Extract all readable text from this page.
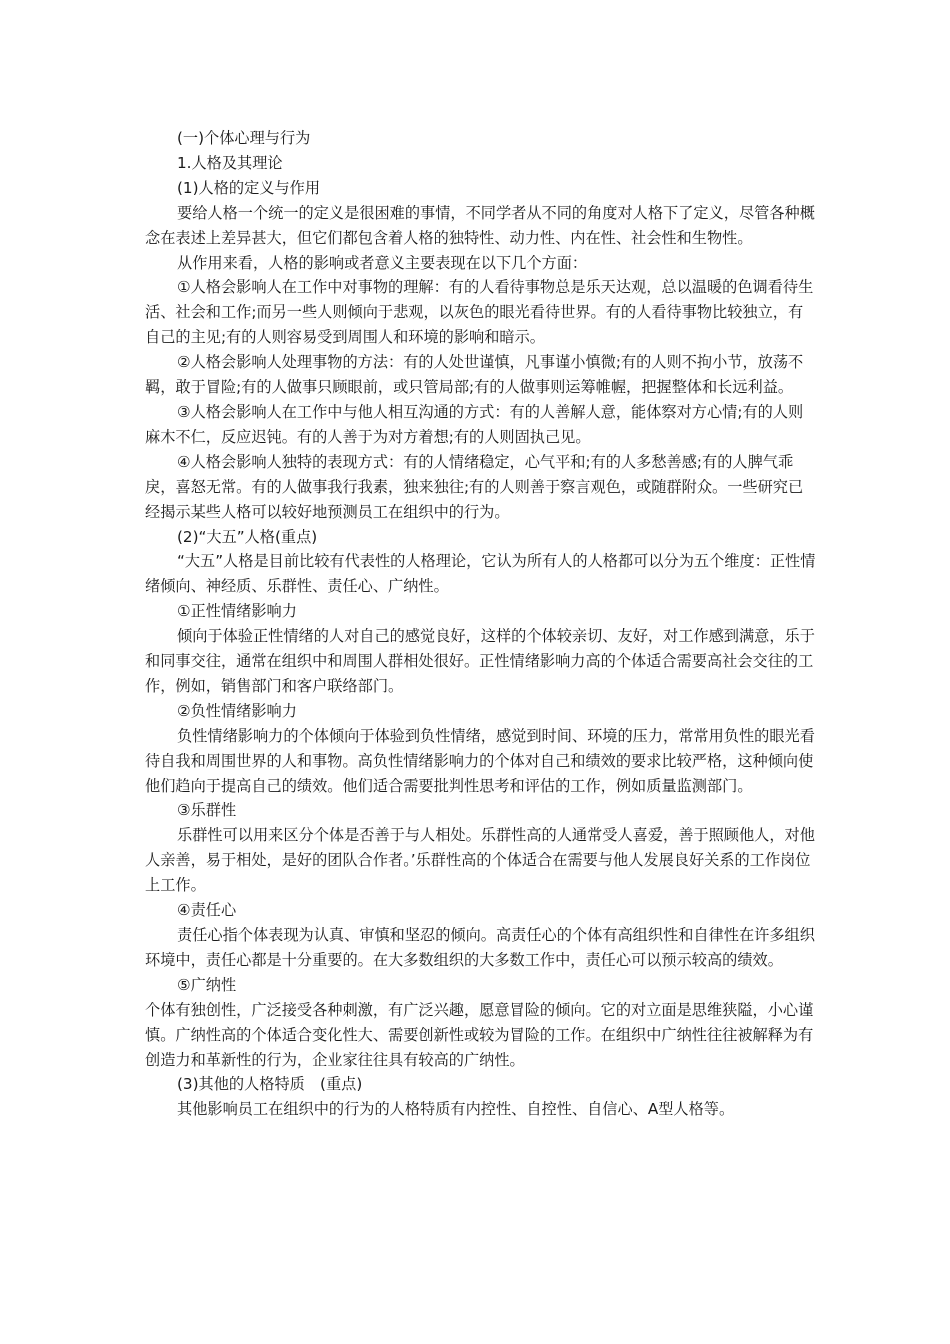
(一)个体心理与行为

1.人格及其理论

(1)人格的定义与作用

要给人格一个统一的定义是很困难的事情，不同学者从不同的角度对人格下了定义，尽管各种概念在表述上差异甚大，但它们都包含着人格的独特性、动力性、内在性、社会性和生物性。

从作用来看，人格的影响或者意义主要表现在以下几个方面：

①人格会影响人在工作中对事物的理解：有的人看待事物总是乐天达观，总以温暖的色调看待生活、社会和工作;而另一些人则倾向于悲观，以灰色的眼光看待世界。有的人看待事物比较独立，有自己的主见;有的人则容易受到周围人和环境的影响和暗示。

②人格会影响人处理事物的方法：有的人处世谨慎，凡事谨小慎微;有的人则不拘小节，放荡不羁，敢于冒险;有的人做事只顾眼前，或只管局部;有的人做事则运筹帷幄，把握整体和长远利益。

③人格会影响人在工作中与他人相互沟通的方式：有的人善解人意，能体察对方心情;有的人则麻木不仁，反应迟钝。有的人善于为对方着想;有的人则固执己见。

④人格会影响人独特的表现方式：有的人情绪稳定，心气平和;有的人多愁善感;有的人脾气乖戾，喜怒无常。有的人做事我行我素，独来独往;有的人则善于察言观色，或随群附众。一些研究已经揭示某些人格可以较好地预测员工在组织中的行为。

(2)“大五”人格(重点)

“大五”人格是目前比较有代表性的人格理论，它认为所有人的人格都可以分为五个维度：正性情绪倾向、神经质、乐群性、责任心、广纳性。

①正性情绪影响力

倾向于体验正性情绪的人对自己的感觉良好，这样的个体较亲切、友好，对工作感到满意，乐于和同事交往，通常在组织中和周围人群相处很好。正性情绪影响力高的个体适合需要高社会交往的工作，例如，销售部门和客户联络部门。

②负性情绪影响力

负性情绪影响力的个体倾向于体验到负性情绪，感觉到时间、环境的压力，常常用负性的眼光看待自我和周围世界的人和事物。高负性情绪影响力的个体对自己和绩效的要求比较严格，这种倾向使他们趋向于提高自己的绩效。他们适合需要批判性思考和评估的工作，例如质量监测部门。

③乐群性

乐群性可以用来区分个体是否善于与人相处。乐群性高的人通常受人喜爱，善于照顾他人，对他人亲善，易于相处，是好的团队合作者。’乐群性高的个体适合在需要与他人发展良好关系的工作岗位上工作。

④责任心

责任心指个体表现为认真、审慎和坚忍的倾向。高责任心的个体有高组织性和自律性在许多组织环境中，责任心都是十分重要的。在大多数组织的大多数工作中，责任心可以预示较高的绩效。

⑤广纳性

个体有独创性，广泛接受各种刺激，有广泛兴趣，愿意冒险的倾向。它的对立面是思维狭隘，小心谨慎。广纳性高的个体适合变化性大、需要创新性或较为冒险的工作。在组织中广纳性往往被解释为有创造力和革新性的行为，企业家往往具有较高的广纳性。

(3)其他的人格特质　(重点)

其他影响员工在组织中的行为的人格特质有内控性、自控性、自信心、A型人格等。
